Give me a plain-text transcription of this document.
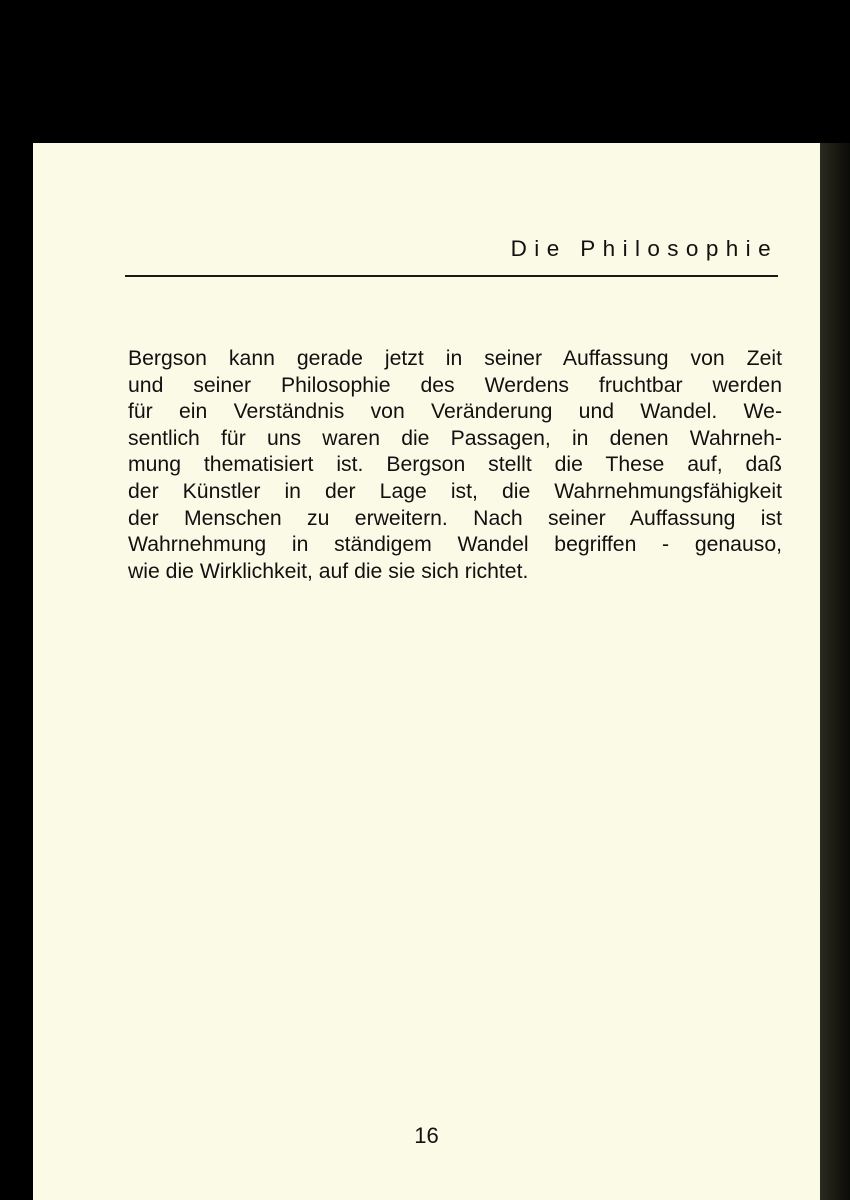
Die Philosophie

Bergson kann gerade jetzt in seiner Auffassung von Zeit
und seiner Philosophie des Werdens fruchtbar werden
für ein Verständnis von Veränderung und Wandel. We-
sentlich für uns waren die Passagen, in denen Wahrneh-
mung thematisiert ist. Bergson stellt die These auf, daß
der Künstler in der Lage ist, die Wahrnehmungsfähigkeit
der Menschen zu erweitern. Nach seiner Auffassung ist
Wahrnehmung in ständigem Wandel begriffen - genauso,
wie die Wirklichkeit, auf die sie sich richtet.

16
